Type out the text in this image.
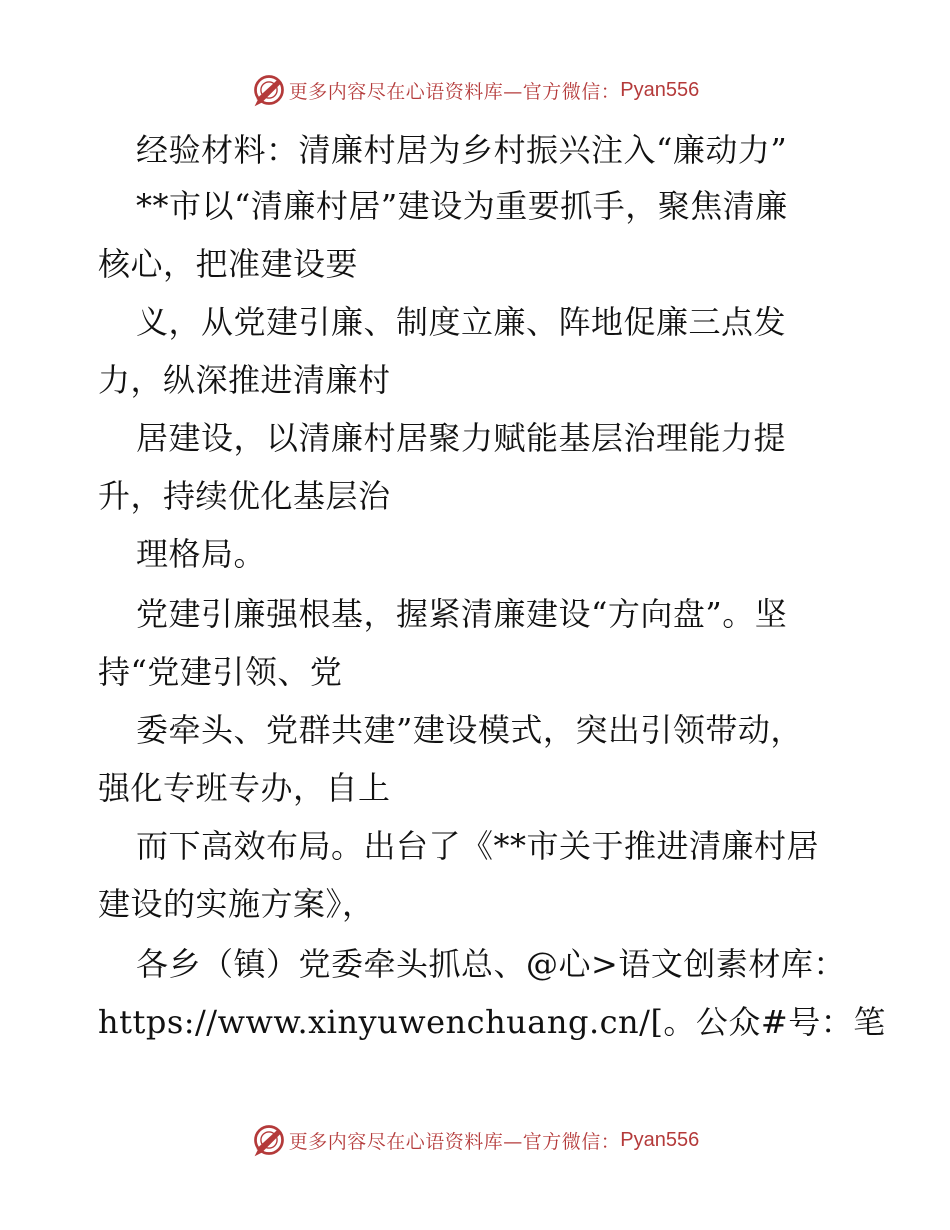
更多内容尽在心语资料库—官方微信： Pyan556
经验材料：清廉村居为乡村振兴注入“廉动力”
**市以“清廉村居”建设为重要抓手，聚焦清廉
核心，把准建设要
义，从党建引廉、制度立廉、阵地促廉三点发
力，纵深推进清廉村
居建设，以清廉村居聚力赋能基层治理能力提
升，持续优化基层治
理格局。
党建引廉强根基，握紧清廉建设“方向盘”。坚
持“党建引领、党
委牵头、党群共建”建设模式，突出引领带动，
强化专班专办，自上
而下高效布局。出台了《**市关于推进清廉村居
建设的实施方案》，
各乡（镇）党委牵头抓总、@心>语文创素材库：
https://www.xinyuwenchuang.cn/[。公众#号：笔
更多内容尽在心语资料库—官方微信： Pyan556
